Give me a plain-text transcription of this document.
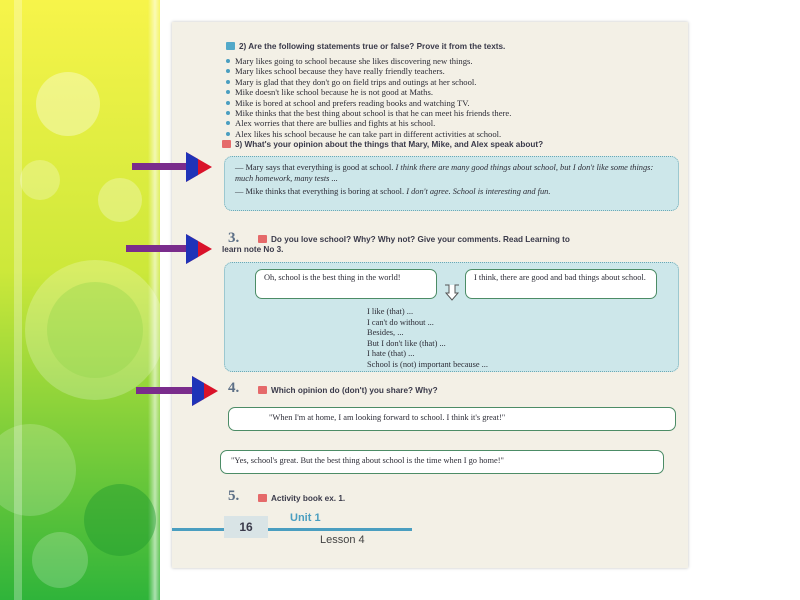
2) Are the following statements true or false? Prove it from the texts.
Mary likes going to school because she likes discovering new things.
Mary likes school because they have really friendly teachers.
Mary is glad that they don't go on field trips and outings at her school.
Mike doesn't like school because he is not good at Maths.
Mike is bored at school and prefers reading books and watching TV.
Mike thinks that the best thing about school is that he can meet his friends there.
Alex worries that there are bullies and fights at his school.
Alex likes his school because he can take part in different activities at school.
3) What's your opinion about the things that Mary, Mike, and Alex speak about?

— Mary says that everything is good at school. I think there are many good things about school, but I don't like some things: much homework, many tests ...

— Mike thinks that everything is boring at school. I don't agree. School is interesting and fun.

3.	Do you love school? Why? Why not? Give your comments. Read Learning to
learn note No 3.
Oh, school is the best thing in the world!	I think, there are good and bad things about school.
I like (that) ...
I can't do without ...
Besides, ...
But I don't like (that) ...
I hate (that) ...
School is (not) important because ...
4.	Which opinion do (don't) you share? Why?
"When I'm at home, I am looking forward to school. I think it's great!"
"Yes, school's great. But the best thing about school is the time when I go home!"
5.	Activity book ex. 1.
16
Unit 1
Lesson 4
